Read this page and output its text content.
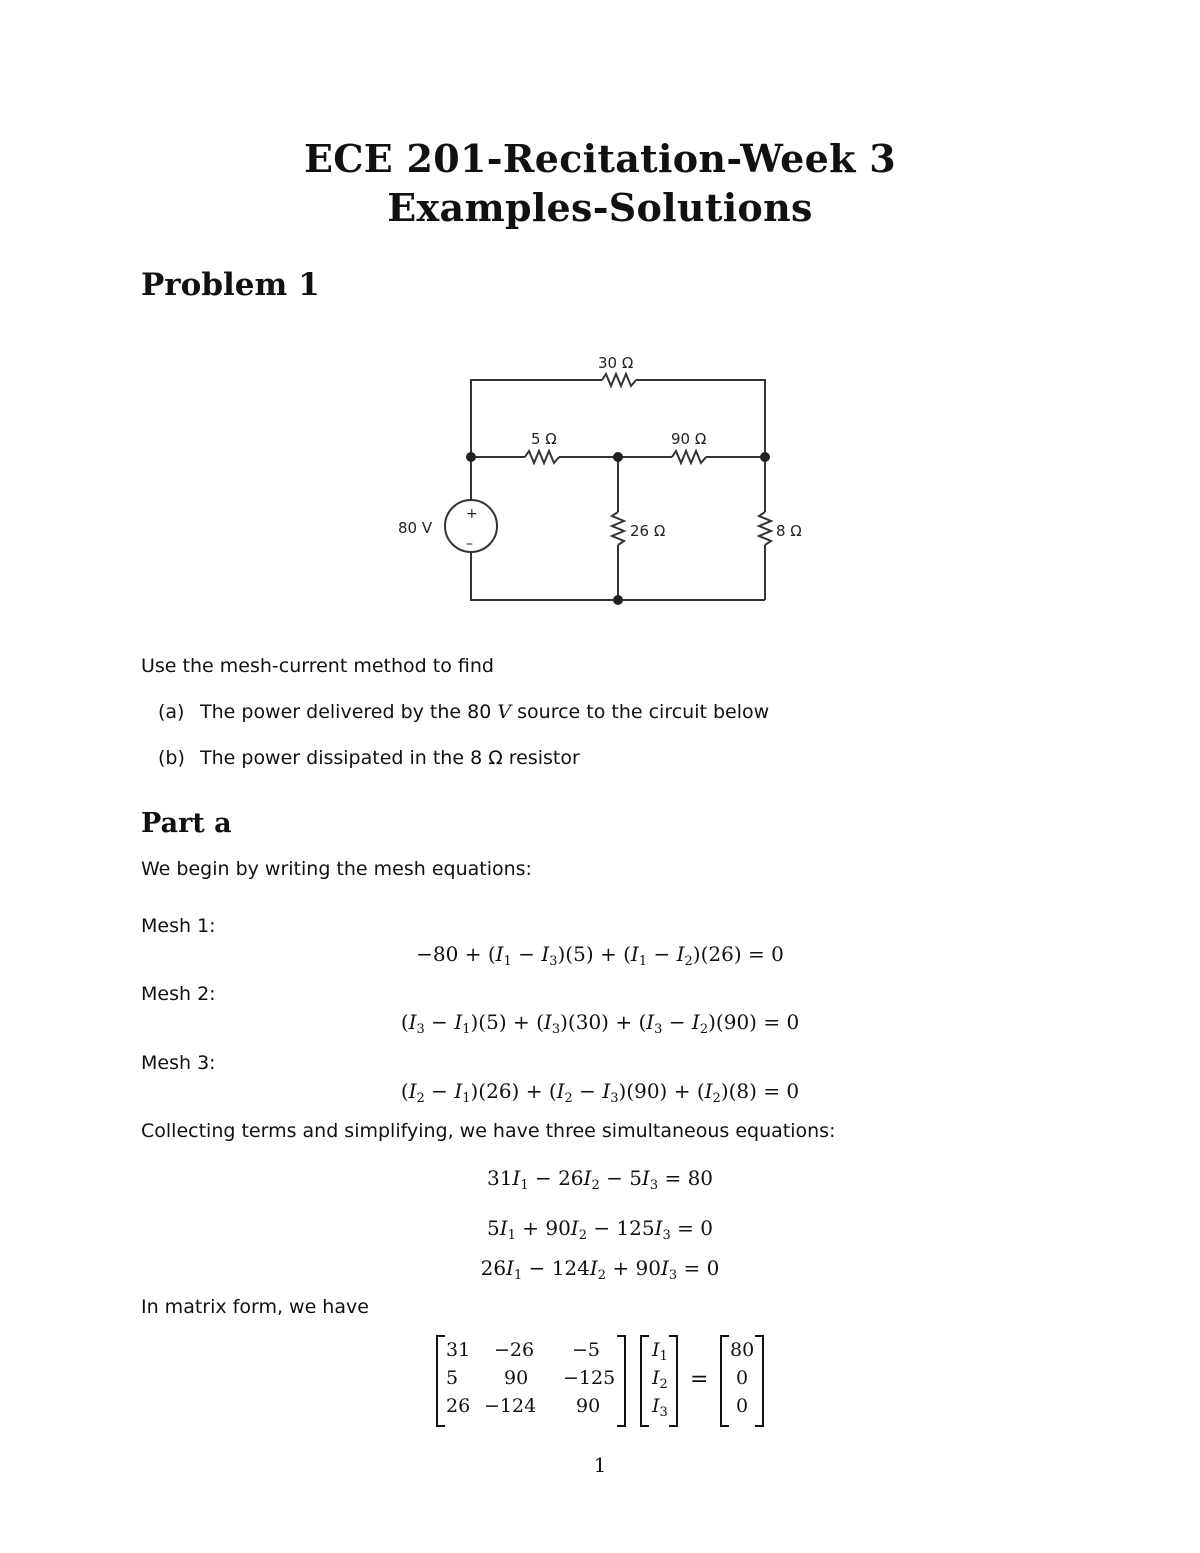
ECE 201-Recitation-Week 3
Examples-Solutions
Problem 1
30 Ω
5 Ω	90 Ω
80 V	26 Ω	8 Ω
+
–
Use the mesh-current method to find
(a) The power delivered by the 80 V source to the circuit below
(b) The power dissipated in the 8 Ω resistor
Part a
We begin by writing the mesh equations:
Mesh 1:
$-80 + (I_1 - I_3)(5) + (I_1 - I_2)(26) = 0$
Mesh 2:
$(I_3 - I_1)(5) + (I_3)(30) + (I_3 - I_2)(90) = 0$
Mesh 3:
$(I_2 - I_1)(26) + (I_2 - I_3)(90) + (I_2)(8) = 0$
Collecting terms and simplifying, we have three simultaneous equations:
$31I_1 - 26I_2 - 5I_3 = 80$
$5I_1 + 90I_2 - 125I_3 = 0$
$26I_1 - 124I_2 + 90I_3 = 0$
In matrix form, we have
31 −26 −5
5 90 −125
26 −124 90
$I_1$
$I_2$
$I_3$
=
80
0
0
1
